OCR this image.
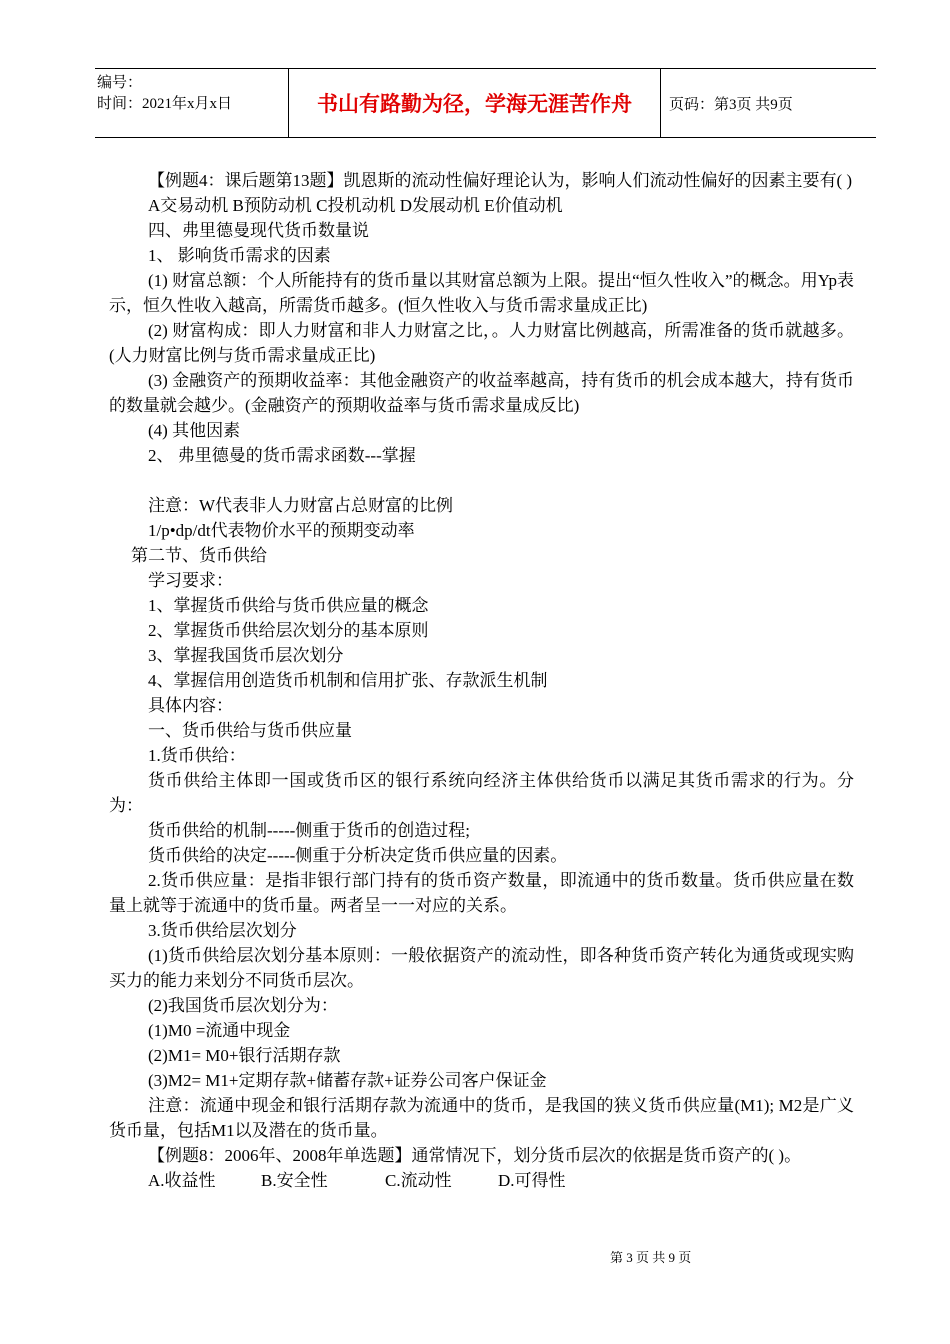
编号：
时间：2021年x月x日	书山有路勤为径，学海无涯苦作舟	页码：第3页 共9页

【例题4：课后题第13题】凯恩斯的流动性偏好理论认为，影响人们流动性偏好的因素主要有( )

A交易动机 B预防动机 C投机动机 D发展动机 E价值动机

四、弗里德曼现代货币数量说

1、 影响货币需求的因素

(1) 财富总额：个人所能持有的货币量以其财富总额为上限。提出“恒久性收入”的概念。用Yp表示，恒久性收入越高，所需货币越多。(恒久性收入与货币需求量成正比)

(2) 财富构成：即人力财富和非人力财富之比，。人力财富比例越高，所需准备的货币就越多。(人力财富比例与货币需求量成正比)

(3) 金融资产的预期收益率：其他金融资产的收益率越高，持有货币的机会成本越大，持有货币的数量就会越少。(金融资产的预期收益率与货币需求量成反比)

(4) 其他因素

2、 弗里德曼的货币需求函数---掌握

注意：W代表非人力财富占总财富的比例

1/p•dp/dt代表物价水平的预期变动率

第二节、货币供给

学习要求：

1、掌握货币供给与货币供应量的概念

2、掌握货币供给层次划分的基本原则

3、掌握我国货币层次划分

4、掌握信用创造货币机制和信用扩张、存款派生机制

具体内容：

一、货币供给与货币供应量

1.货币供给：

货币供给主体即一国或货币区的银行系统向经济主体供给货币以满足其货币需求的行为。分为：

货币供给的机制-----侧重于货币的创造过程;

货币供给的决定-----侧重于分析决定货币供应量的因素。

2.货币供应量：是指非银行部门持有的货币资产数量，即流通中的货币数量。货币供应量在数量上就等于流通中的货币量。两者呈一一对应的关系。

3.货币供给层次划分

(1)货币供给层次划分基本原则：一般依据资产的流动性，即各种货币资产转化为通货或现实购买力的能力来划分不同货币层次。

(2)我国货币层次划分为：

(1)M0 =流通中现金

(2)M1= M0+银行活期存款

(3)M2= M1+定期存款+储蓄存款+证券公司客户保证金

注意：流通中现金和银行活期存款为流通中的货币，是我国的狭义货币供应量(M1); M2是广义货币量，包括M1以及潜在的货币量。

【例题8：2006年、2008年单选题】通常情况下，划分货币层次的依据是货币资产的( )。

A.收益性	B.安全性	C.流动性	D.可得性

第 3 页 共 9 页
